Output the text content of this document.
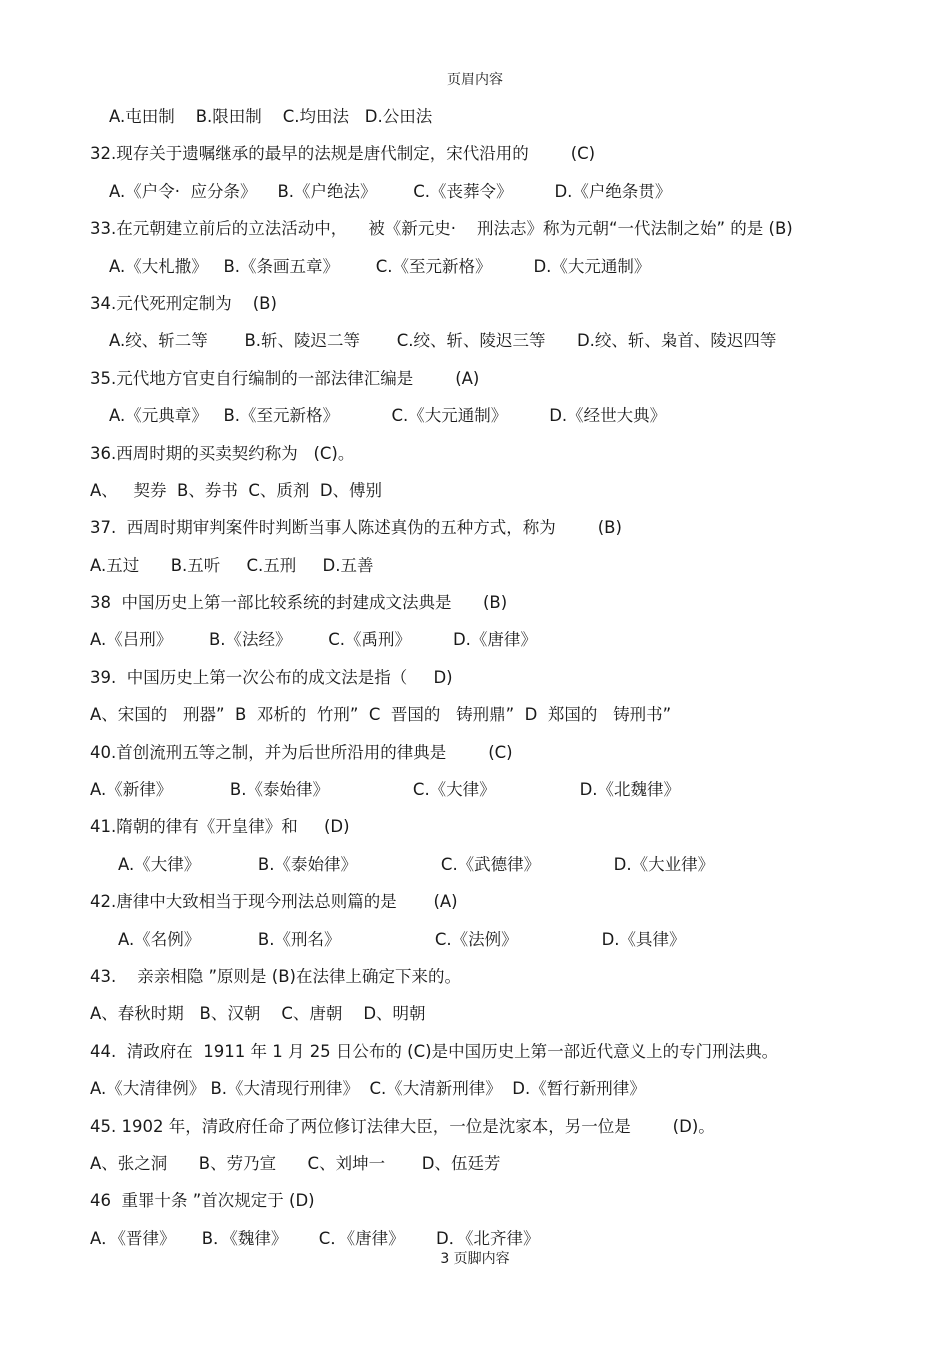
页眉内容
A.屯田制    B.限田制    C.均田法   D.公田法
32.现存关于遗嘱继承的最早的法规是唐代制定，宋代沿用的        (C)
A.《户令·  应分条》    B.《户绝法》       C.《丧葬令》        D.《户绝条贯》
33.在元朝建立前后的立法活动中，    被《新元史·    刑法志》称为元朝“一代法制之始” 的是 (B)
A.《大札撒》   B.《条画五章》       C.《至元新格》        D.《大元通制》
34.元代死刑定制为    (B)
A.绞、斩二等       B.斩、陵迟二等       C.绞、斩、陵迟三等      D.绞、斩、枭首、陵迟四等
35.元代地方官吏自行编制的一部法律汇编是        (A)
A.《元典章》   B.《至元新格》          C.《大元通制》        D.《经世大典》
36.西周时期的买卖契约称为   (C)。
A、   契券  B、券书  C、质剂  D、傅别
37.  西周时期审判案件时判断当事人陈述真伪的五种方式，称为        (B)
A.五过      B.五听     C.五刑     D.五善
38  中国历史上第一部比较系统的封建成文法典是      (B)
A.《吕刑》       B.《法经》       C.《禹刑》        D.《唐律》
39.  中国历史上第一次公布的成文法是指（     D)
A、宋国的   刑器”  B  邓析的  竹刑”  C  晋国的   铸刑鼎”  D  郑国的   铸刑书”
40.首创流刑五等之制，并为后世所沿用的律典是        (C)
A.《新律》           B.《泰始律》                C.《大律》                D.《北魏律》
41.隋朝的律有《开皇律》和     (D)
A.《大律》           B.《泰始律》                C.《武德律》              D.《大业律》
42.唐律中大致相当于现今刑法总则篇的是       (A)
A.《名例》           B.《刑名》                  C.《法例》                D.《具律》
43.    亲亲相隐 ”原则是 (B)在法律上确定下来的。
A、春秋时期   B、汉朝    C、唐朝    D、明朝
44.  清政府在  1911 年 1 月 25 日公布的 (C)是中国历史上第一部近代意义上的专门刑法典。
A.《大清律例》 B.《大清现行刑律》  C.《大清新刑律》  D.《暂行新刑律》
45. 1902 年，清政府任命了两位修订法律大臣，一位是沈家本，另一位是        (D)。
A、张之洞      B、劳乃宣      C、刘坤一       D、伍廷芳
46  重罪十条 ”首次规定于 (D)
A．《晋律》     B．《魏律》      C．《唐律》      D．《北齐律》
3 页脚内容
